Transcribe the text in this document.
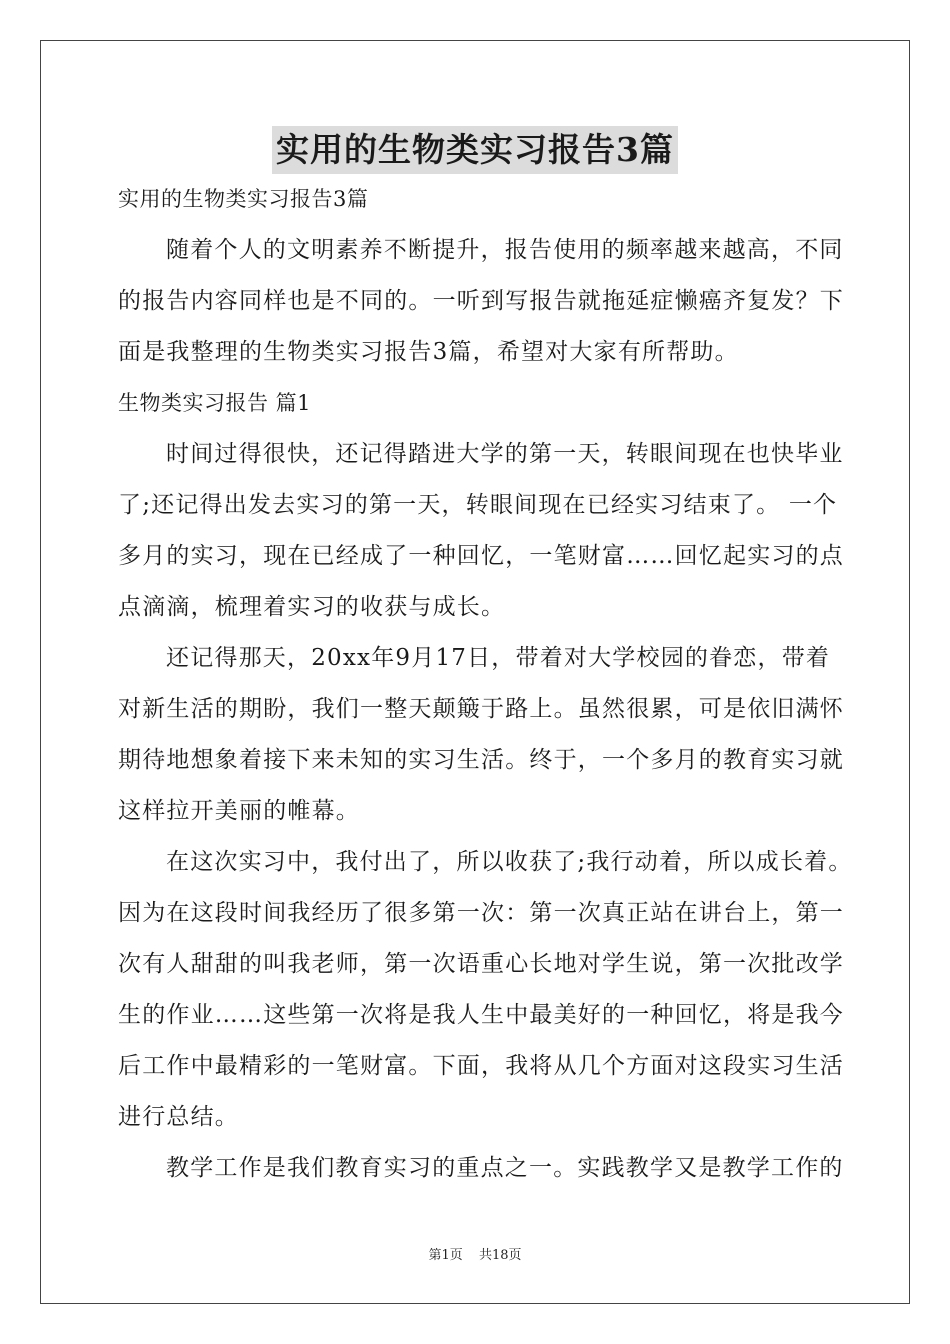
实用的生物类实习报告3篇
实用的生物类实习报告3篇
随着个人的文明素养不断提升，报告使用的频率越来越高，不同
的报告内容同样也是不同的。一听到写报告就拖延症懒癌齐复发？下
面是我整理的生物类实习报告3篇，希望对大家有所帮助。
生物类实习报告 篇1
时间过得很快，还记得踏进大学的第一天，转眼间现在也快毕业
了;还记得出发去实习的第一天，转眼间现在已经实习结束了。 一个
多月的实习，现在已经成了一种回忆，一笔财富……回忆起实习的点
点滴滴，梳理着实习的收获与成长。
还记得那天，20xx年9月17日，带着对大学校园的眷恋，带着
对新生活的期盼，我们一整天颠簸于路上。虽然很累，可是依旧满怀
期待地想象着接下来未知的实习生活。终于，一个多月的教育实习就
这样拉开美丽的帷幕。
在这次实习中，我付出了，所以收获了;我行动着，所以成长着。
因为在这段时间我经历了很多第一次：第一次真正站在讲台上，第一
次有人甜甜的叫我老师，第一次语重心长地对学生说，第一次批改学
生的作业……这些第一次将是我人生中最美好的一种回忆，将是我今
后工作中最精彩的一笔财富。下面，我将从几个方面对这段实习生活
进行总结。
教学工作是我们教育实习的重点之一。实践教学又是教学工作的
第1页 共18页
